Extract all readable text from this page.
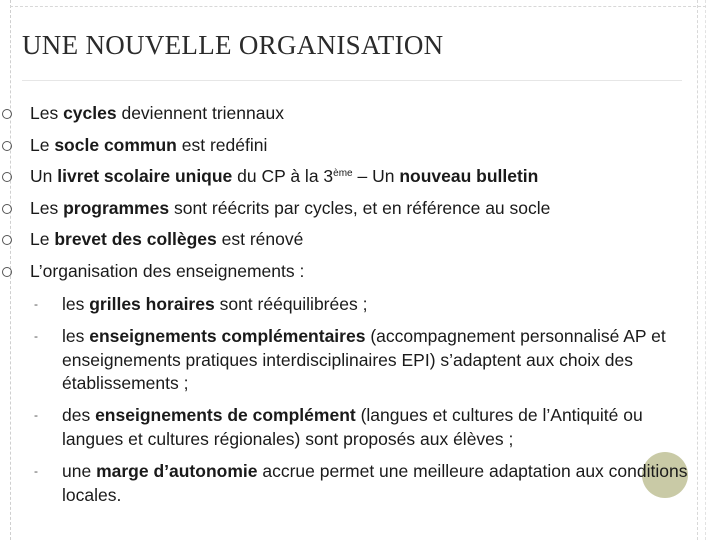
UNE NOUVELLE ORGANISATION
Les cycles deviennent triennaux
Le socle commun est redéfini
Un livret scolaire unique du CP à la 3ème – Un nouveau bulletin
Les programmes sont réécrits par cycles, et en référence au socle
Le brevet des collèges est rénové
L’organisation des enseignements :
- les grilles horaires sont rééquilibrées ;
- les enseignements complémentaires (accompagnement personnalisé AP et enseignements pratiques interdisciplinaires EPI) s’adaptent aux choix des établissements ;
- des enseignements de complément (langues et cultures de l’Antiquité ou langues et cultures régionales) sont proposés aux élèves ;
- une marge d’autonomie accrue permet une meilleure adaptation aux conditions locales.
